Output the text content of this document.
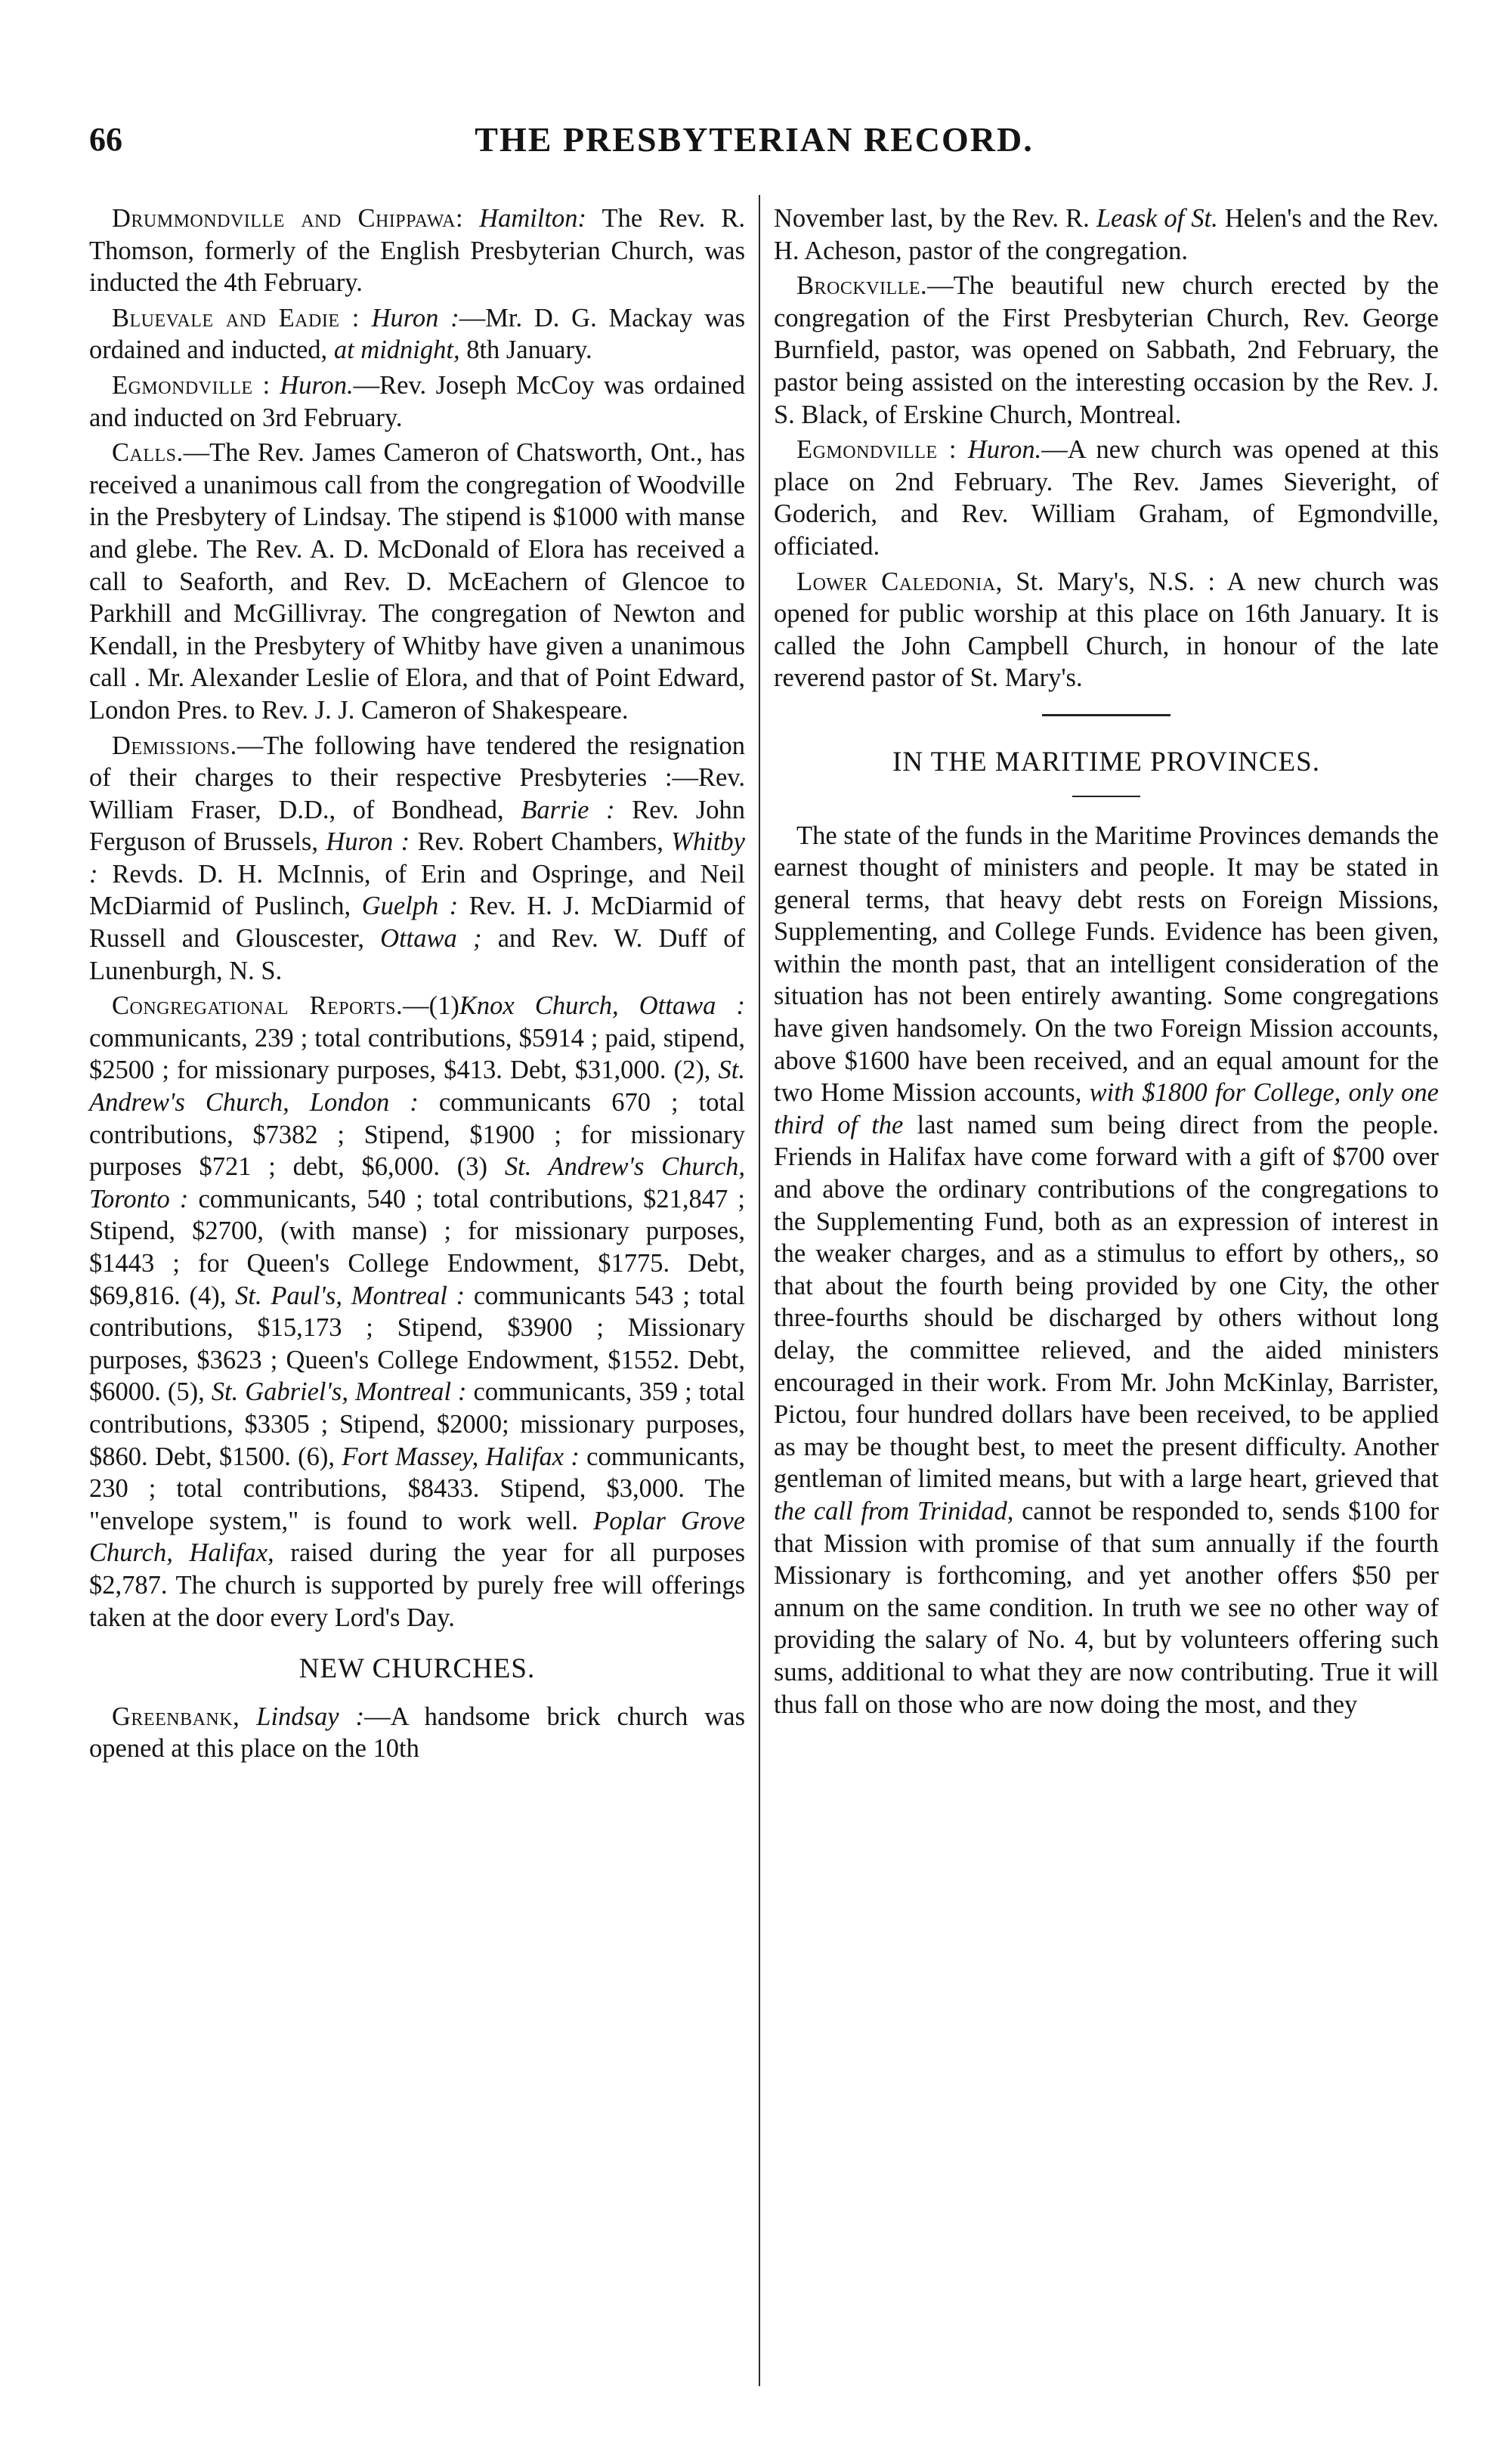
66	THE PRESBYTERIAN RECORD.

Drummondville and Chippawa: Hamilton: The Rev. R. Thomson, formerly of the English Presbyterian Church, was inducted the 4th February.

Bluevale and Eadie : Huron :—Mr. D. G. Mackay was ordained and inducted, at midnight, 8th January.

Egmondville : Huron.—Rev. Joseph McCoy was ordained and inducted on 3rd February.

Calls.—The Rev. James Cameron of Chatsworth, Ont., has received a unanimous call from the congregation of Woodville in the Presbytery of Lindsay. The stipend is $1000 with manse and glebe. The Rev. A. D. McDonald of Elora has received a call to Seaforth, and Rev. D. McEachern of Glencoe to Parkhill and McGillivray. The congregation of Newton and Kendall, in the Presbytery of Whitby have given a unanimous call . Mr. Alexander Leslie of Elora, and that of Point Edward, London Pres. to Rev. J. J. Cameron of Shakespeare.

Demissions.—The following have tendered the resignation of their charges to their respective Presbyteries :—Rev. William Fraser, D.D., of Bondhead, Barrie : Rev. John Ferguson of Brussels, Huron : Rev. Robert Chambers, Whitby : Revds. D. H. McInnis, of Erin and Ospringe, and Neil McDiarmid of Puslinch, Guelph : Rev. H. J. McDiarmid of Russell and Glouscester, Ottawa ; and Rev. W. Duff of Lunenburgh, N. S.

Congregational Reports.—(1)Knox Church, Ottawa : communicants, 239 ; total contributions, $5914 ; paid, stipend, $2500 ; for missionary purposes, $413. Debt, $31,000. (2), St. Andrew's Church, London : communicants 670 ; total contributions, $7382 ; Stipend, $1900 ; for missionary purposes $721 ; debt, $6,000. (3) St. Andrew's Church, Toronto : communicants, 540 ; total contributions, $21,847 ; Stipend, $2700, (with manse) ; for missionary purposes, $1443 ; for Queen's College Endowment, $1775. Debt, $69,816. (4), St. Paul's, Montreal : communicants 543 ; total contributions, $15,173 ; Stipend, $3900 ; Missionary purposes, $3623 ; Queen's College Endowment, $1552. Debt, $6000. (5), St. Gabriel's, Montreal : communicants, 359 ; total contributions, $3305 ; Stipend, $2000; missionary purposes, $860. Debt, $1500. (6), Fort Massey, Halifax : communicants, 230 ; total contributions, $8433. Stipend, $3,000. The "envelope system," is found to work well. Poplar Grove Church, Halifax, raised during the year for all purposes $2,787. The church is supported by purely free will offerings taken at the door every Lord's Day.

NEW CHURCHES.

Greenbank, Lindsay :—A handsome brick church was opened at this place on the 10th

November last, by the Rev. R. Leask of St. Helen's and the Rev. H. Acheson, pastor of the congregation.

Brockville.—The beautiful new church erected by the congregation of the First Presbyterian Church, Rev. George Burnfield, pastor, was opened on Sabbath, 2nd February, the pastor being assisted on the interesting occasion by the Rev. J. S. Black, of Erskine Church, Montreal.

Egmondville : Huron.—A new church was opened at this place on 2nd February. The Rev. James Sieveright, of Goderich, and Rev. William Graham, of Egmondville, officiated.

Lower Caledonia, St. Mary's, N.S. : A new church was opened for public worship at this place on 16th January. It is called the John Campbell Church, in honour of the late reverend pastor of St. Mary's.

IN THE MARITIME PROVINCES.

The state of the funds in the Maritime Provinces demands the earnest thought of ministers and people. It may be stated in general terms, that heavy debt rests on Foreign Missions, Supplementing, and College Funds. Evidence has been given, within the month past, that an intelligent consideration of the situation has not been entirely awanting. Some congregations have given handsomely. On the two Foreign Mission accounts, above $1600 have been received, and an equal amount for the two Home Mission accounts, with $1800 for College, only one third of the last named sum being direct from the people. Friends in Halifax have come forward with a gift of $700 over and above the ordinary contributions of the congregations to the Supplementing Fund, both as an expression of interest in the weaker charges, and as a stimulus to effort by others,, so that about the fourth being provided by one City, the other three-fourths should be discharged by others without long delay, the committee relieved, and the aided ministers encouraged in their work. From Mr. John McKinlay, Barrister, Pictou, four hundred dollars have been received, to be applied as may be thought best, to meet the present difficulty. Another gentleman of limited means, but with a large heart, grieved that the call from Trinidad, cannot be responded to, sends $100 for that Mission with promise of that sum annually if the fourth Missionary is forthcoming, and yet another offers $50 per annum on the same condition. In truth we see no other way of providing the salary of No. 4, but by volunteers offering such sums, additional to what they are now contributing. True it will thus fall on those who are now doing the most, and they
